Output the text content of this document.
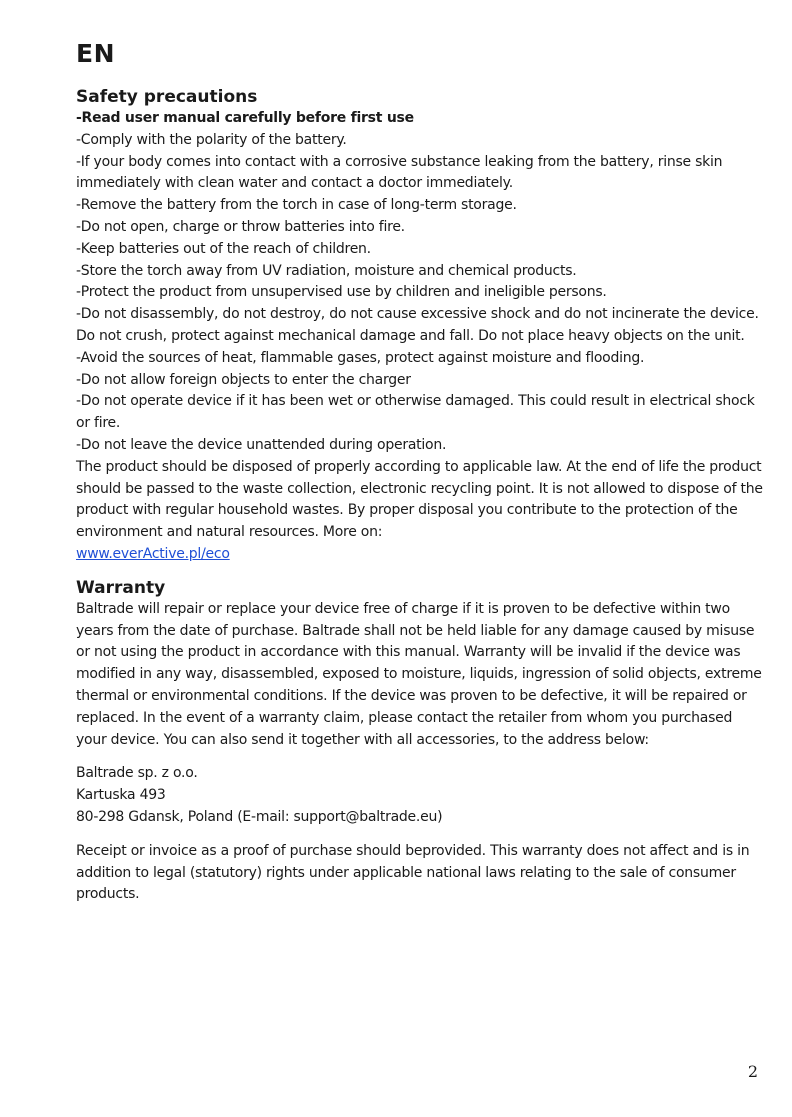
EN
Safety precautions

-Read user manual carefully before first use

-Comply with the polarity of the battery.

-If your body comes into contact with a corrosive substance leaking from the battery, rinse skin immediately with clean water and contact a doctor immediately.

-Remove the battery from the torch in case of long-term storage.

-Do not open, charge or throw batteries into fire.

-Keep batteries out of the reach of children.

-Store the torch away from UV radiation, moisture and chemical products.

-Protect the product from unsupervised use by children and ineligible persons.

-Do not disassembly, do not destroy, do not cause excessive shock and do not incinerate the device. Do not crush, protect against mechanical damage and fall. Do not place heavy objects on the unit.

-Avoid the sources of heat, flammable gases, protect against moisture and flooding.

-Do not allow foreign objects to enter the charger

-Do not operate device if it has been wet or otherwise damaged. This could result in electrical shock or fire.

-Do not leave the device unattended during operation.

The product should be disposed of properly according to applicable law. At the end of life the product should be passed to the waste collection, electronic recycling point. It is not allowed to dispose of the product with regular household wastes. By proper disposal you contribute to the protection of the environment and natural resources. More on:
www.everActive.pl/eco

Warranty

Baltrade will repair or replace your device free of charge if it is proven to be defective within two years from the date of purchase. Baltrade shall not be held liable for any damage caused by misuse or not using the product in accordance with this manual. Warranty will be invalid if the device was modified in any way, disassembled, exposed to moisture, liquids, ingression of solid objects, extreme thermal or environmental conditions. If the device was proven to be defective, it will be repaired or replaced. In the event of a warranty claim, please contact the retailer from whom you purchased your device. You can also send it together with all accessories, to the address below:

Baltrade sp. z o.o.

Kartuska 493

80-298 Gdansk, Poland (E-mail: support@baltrade.eu)

Receipt or invoice as a proof of purchase should beprovided. This warranty does not affect and is in addition to legal (statutory) rights under applicable national laws relating to the sale of consumer products.

2
